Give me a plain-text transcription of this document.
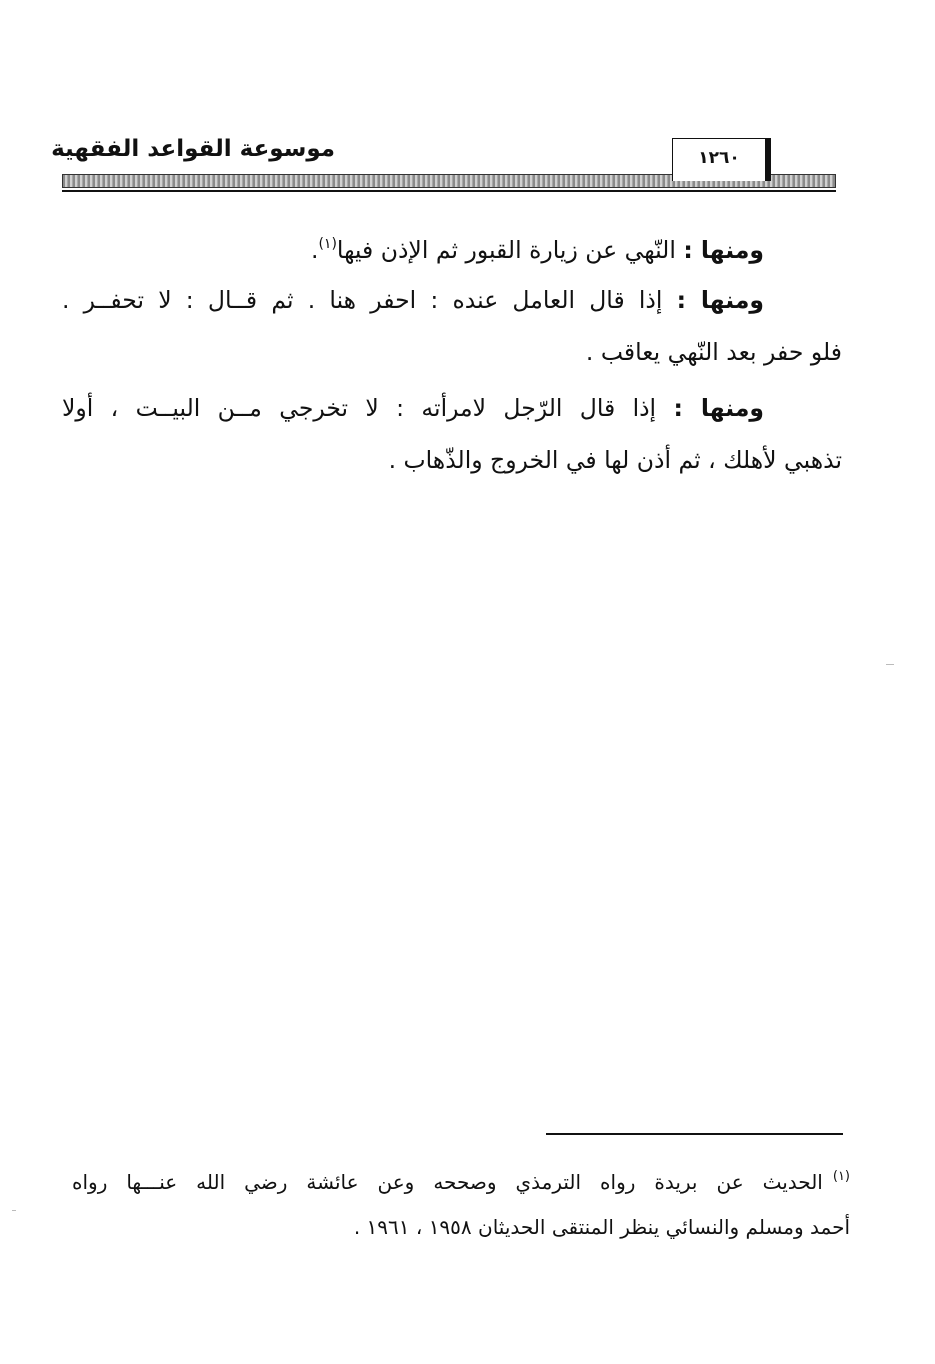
موسوعة القواعد الفقهية	١٢٦٠
ومنها : النّهي عن زيارة القبور ثم الإذن فيها$^{(١)}$.
ومنها : إذا قال العامل عنده : احفر هنا . ثم قــال : لا تحفــر .
فلو حفر بعد النّهي يعاقب .
ومنها : إذا قال الرّجل لامرأته : لا تخرجي مــن البيــت ، أولا
تذهبي لأهلك ، ثم أذن لها في الخروج والذّهاب .
$^{(١)}$الحديث عن بريدة رواه الترمذي وصححه وعن عائشة رضي الله عنـــها رواه
أحمد ومسلم والنسائي ينظر المنتقى الحديثان ١٩٥٨ ، ١٩٦١ .
